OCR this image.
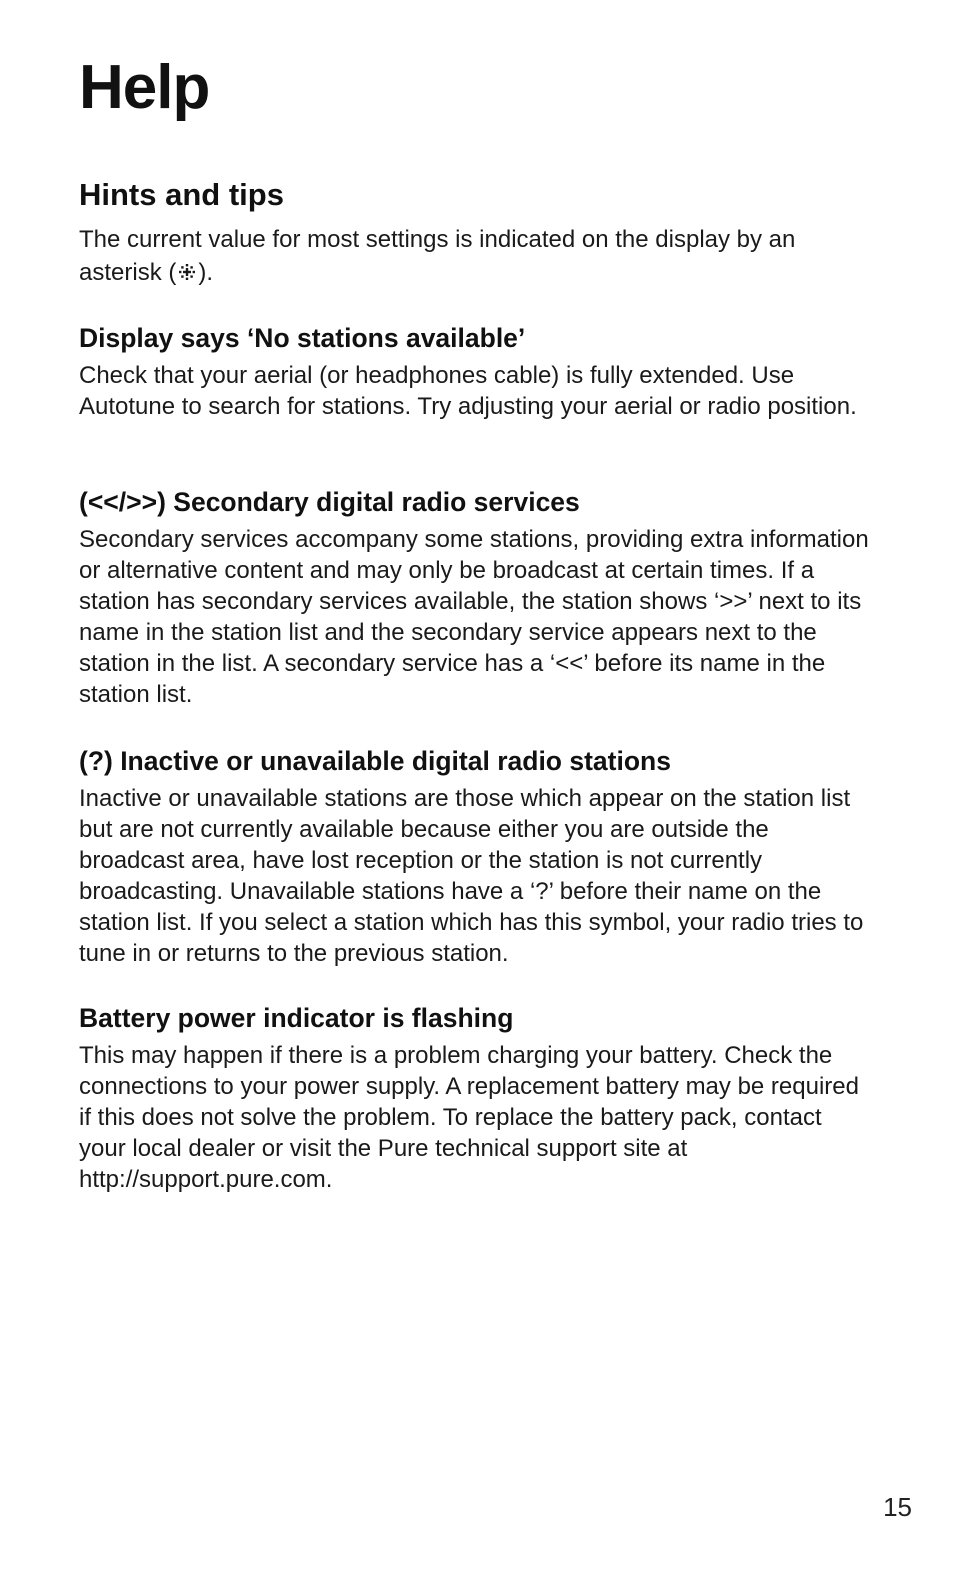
Help
Hints and tips

The current value for most settings is indicated on the display by an asterisk ( ).

Display says ‘No stations available’

Check that your aerial (or headphones cable) is fully extended. Use Autotune to search for stations. Try adjusting your aerial or radio position.

(<</>>) Secondary digital radio services

Secondary services accompany some stations, providing extra information or alternative content and may only be broadcast at certain times. If a station has secondary services available, the station shows ‘>>’ next to its name in the station list and the secondary service appears next to the station in the list. A secondary service has a ‘<<’ before its name in the station list.

(?) Inactive or unavailable digital radio stations

Inactive or unavailable stations are those which appear on the station list but are not currently available because either you are outside the broadcast area, have lost reception or the station is not currently broadcasting. Unavailable stations have a ‘?’ before their name on the station list. If you select a station which has this symbol, your radio tries to tune in or returns to the previous station.

Battery power indicator is flashing

This may happen if there is a problem charging your battery. Check the connections to your power supply. A replacement battery may be required if this does not solve the problem. To replace the battery pack, contact your local dealer or visit the Pure technical support site at http://support.pure.com.

15
